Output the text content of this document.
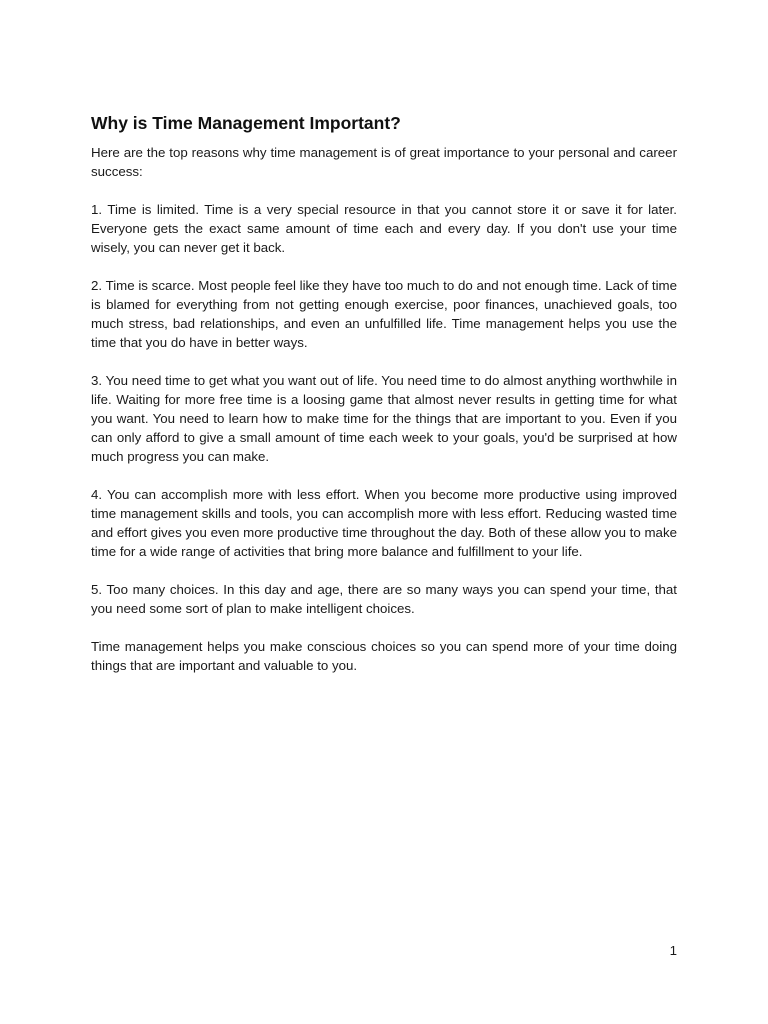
Why is Time Management Important?

Here are the top reasons why time management is of great importance to your personal and career success:

1. Time is limited. Time is a very special resource in that you cannot store it or save it for later. Everyone gets the exact same amount of time each and every day. If you don't use your time wisely, you can never get it back.

2. Time is scarce. Most people feel like they have too much to do and not enough time. Lack of time is blamed for everything from not getting enough exercise, poor finances, unachieved goals, too much stress, bad relationships, and even an unfulfilled life. Time management helps you use the time that you do have in better ways.

3. You need time to get what you want out of life. You need time to do almost anything worthwhile in life. Waiting for more free time is a loosing game that almost never results in getting time for what you want. You need to learn how to make time for the things that are important to you. Even if you can only afford to give a small amount of time each week to your goals, you'd be surprised at how much progress you can make.

4. You can accomplish more with less effort. When you become more productive using improved time management skills and tools, you can accomplish more with less effort. Reducing wasted time and effort gives you even more productive time throughout the day. Both of these allow you to make time for a wide range of activities that bring more balance and fulfillment to your life.

5. Too many choices. In this day and age, there are so many ways you can spend your time, that you need some sort of plan to make intelligent choices.

Time management helps you make conscious choices so you can spend more of your time doing things that are important and valuable to you.

1
